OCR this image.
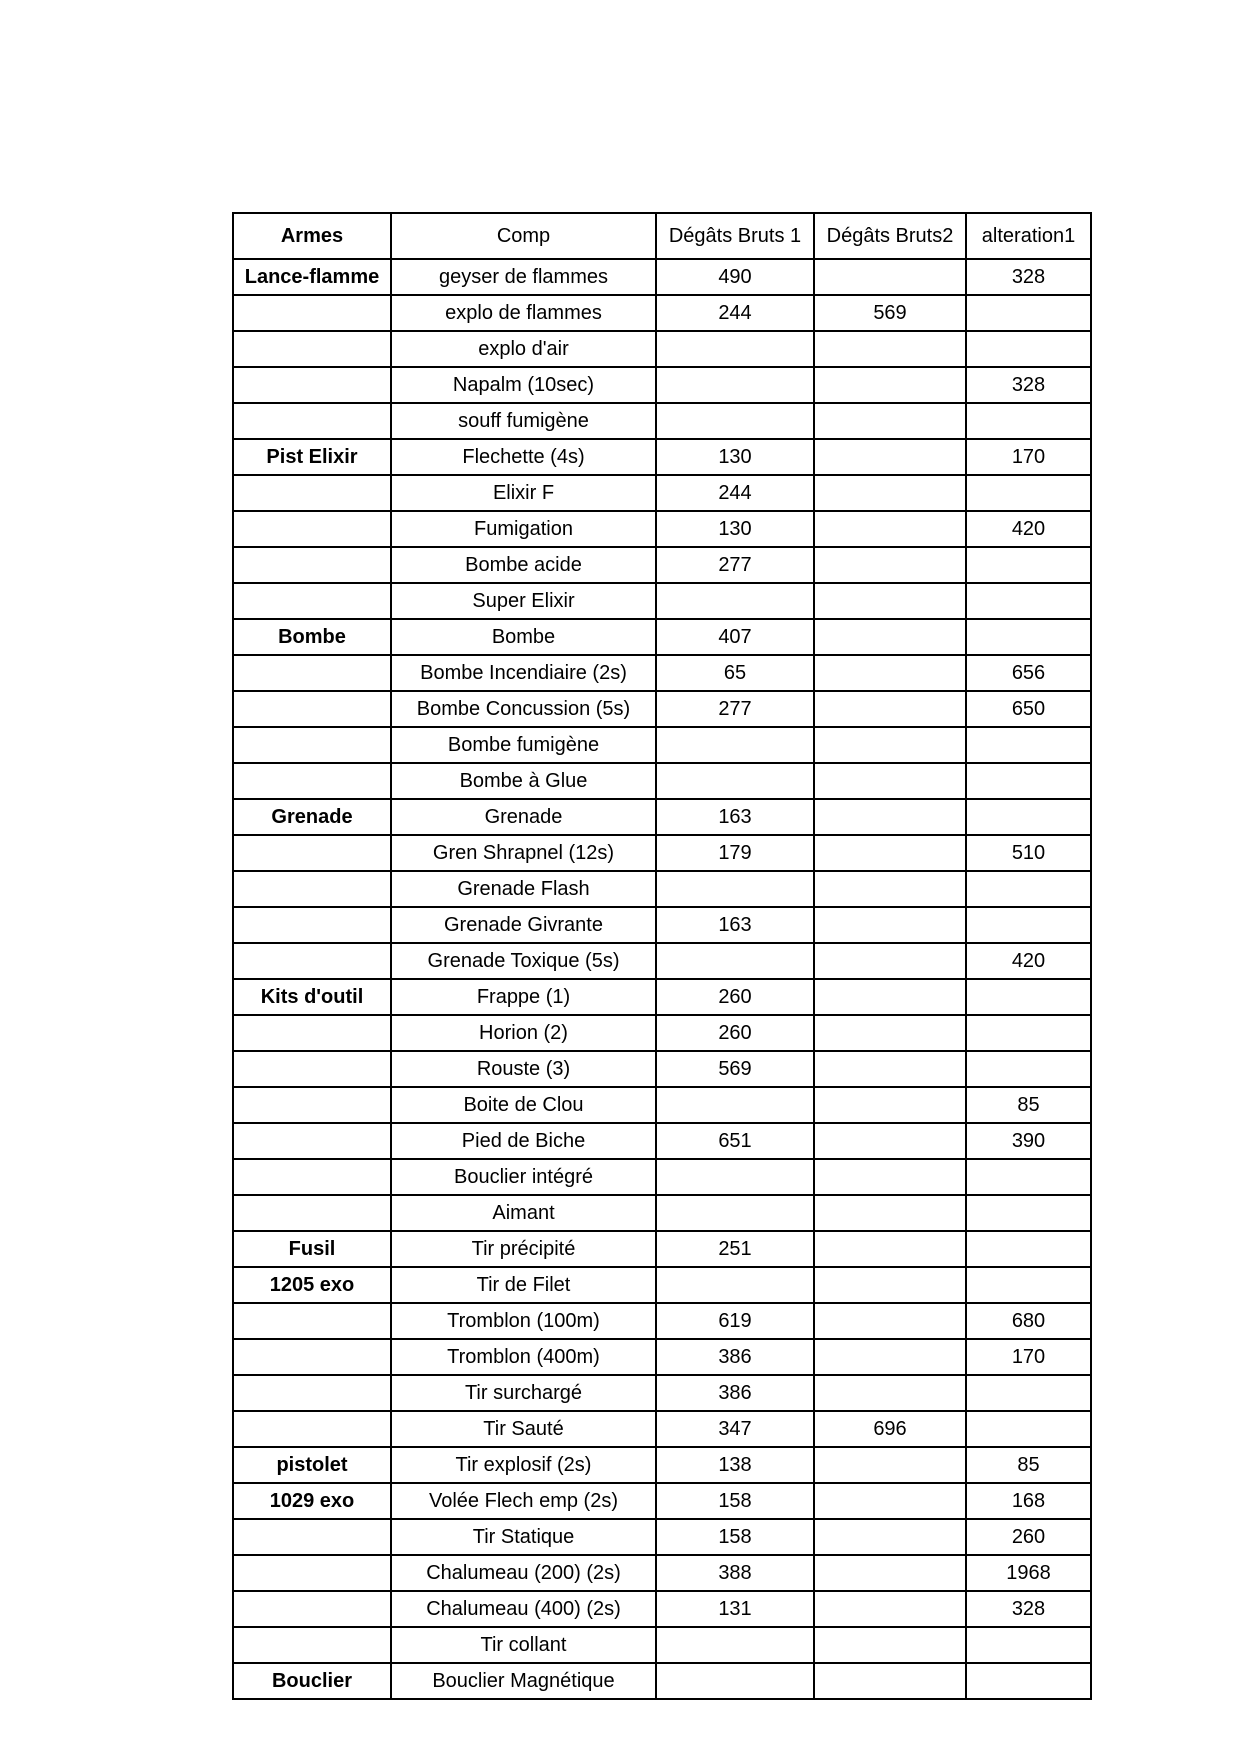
Armes	Comp	Dégâts Bruts 1	Dégâts Bruts2	alteration1
Lance-flamme	geyser de flammes	490		328
	explo de flammes	244	569	
	explo d'air			
	Napalm (10sec)			328
	souff fumigène			
Pist Elixir	Flechette (4s)	130		170
	Elixir F	244		
	Fumigation	130		420
	Bombe acide	277		
	Super Elixir			
Bombe	Bombe	407		
	Bombe Incendiaire (2s)	65		656
	Bombe Concussion (5s)	277		650
	Bombe fumigène			
	Bombe à Glue			
Grenade	Grenade	163		
	Gren Shrapnel (12s)	179		510
	Grenade Flash			
	Grenade Givrante	163		
	Grenade Toxique (5s)			420
Kits d'outil	Frappe (1)	260		
	Horion (2)	260		
	Rouste (3)	569		
	Boite de Clou			85
	Pied de Biche	651		390
	Bouclier intégré			
	Aimant			
Fusil	Tir précipité	251		
1205 exo	Tir de Filet			
	Tromblon (100m)	619		680
	Tromblon (400m)	386		170
	Tir surchargé	386		
	Tir Sauté	347	696	
pistolet	Tir explosif (2s)	138		85
1029 exo	Volée Flech emp (2s)	158		168
	Tir Statique	158		260
	Chalumeau (200) (2s)	388		1968
	Chalumeau (400) (2s)	131		328
	Tir collant			
Bouclier	Bouclier Magnétique			
